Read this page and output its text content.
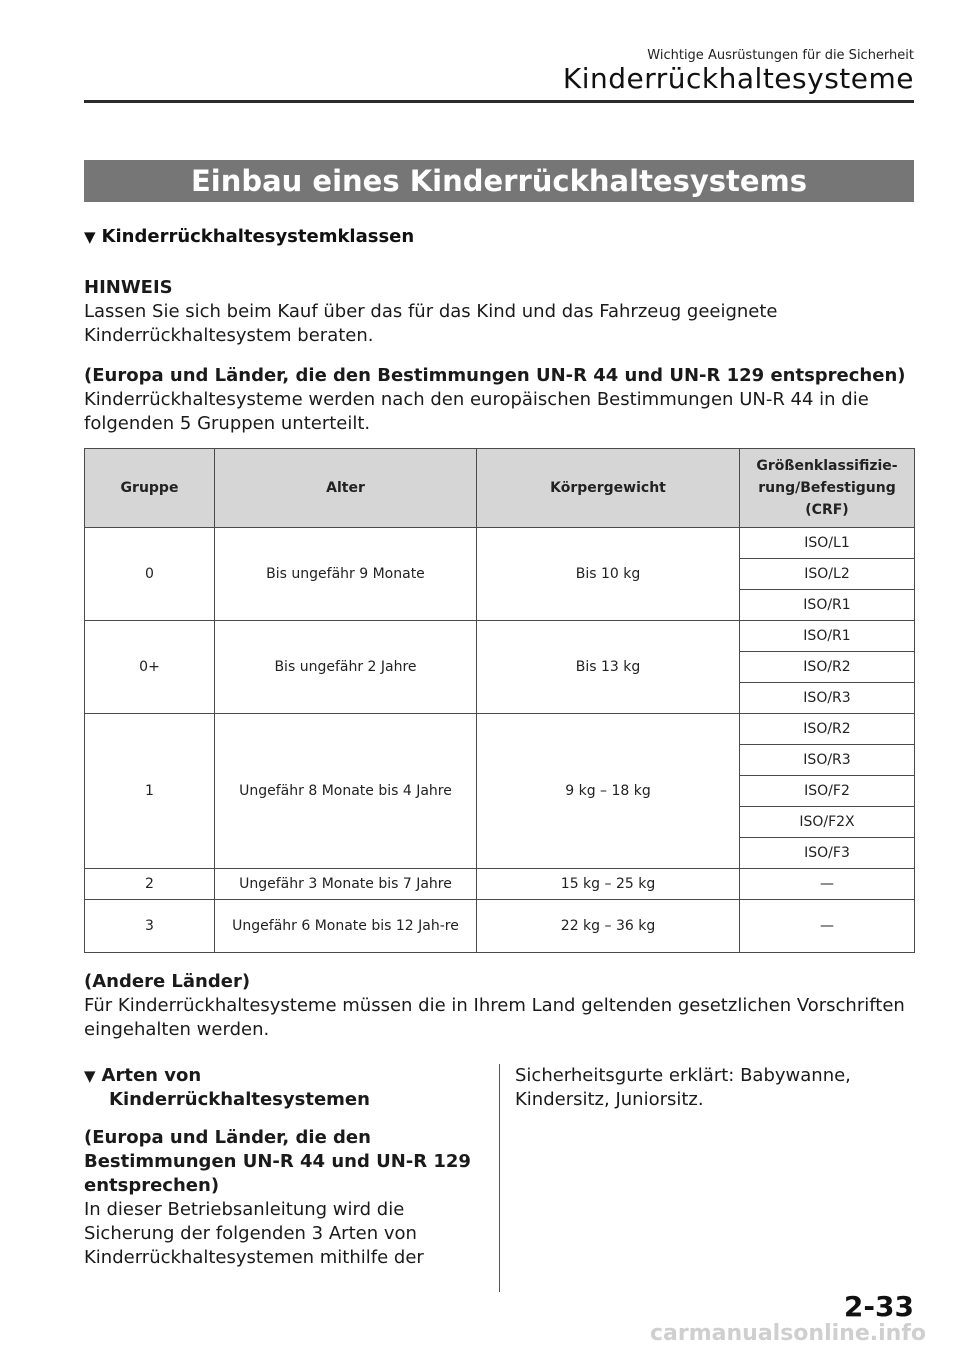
Wichtige Ausrüstungen für die Sicherheit
Kinderrückhaltesysteme
Einbau eines Kinderrückhaltesystems
▼ Kinderrückhaltesystemklassen
HINWEIS
Lassen Sie sich beim Kauf über das für das Kind und das Fahrzeug geeignete Kinderrückhaltesystem beraten.
(Europa und Länder, die den Bestimmungen UN-R 44 und UN-R 129 entsprechen)
Kinderrückhaltesysteme werden nach den europäischen Bestimmungen UN-R 44 in die folgenden 5 Gruppen unterteilt.
Gruppe	Alter	Körpergewicht	Größenklassifizie-rung/Befestigung (CRF)
0	Bis ungefähr 9 Monate	Bis 10 kg	ISO/L1
			ISO/L2
			ISO/R1
0+	Bis ungefähr 2 Jahre	Bis 13 kg	ISO/R1
			ISO/R2
			ISO/R3
1	Ungefähr 8 Monate bis 4 Jahre	9 kg – 18 kg	ISO/R2
			ISO/R3
			ISO/F2
			ISO/F2X
			ISO/F3
2	Ungefähr 3 Monate bis 7 Jahre	15 kg – 25 kg	—
3	Ungefähr 6 Monate bis 12 Jah-re	22 kg – 36 kg	—
(Andere Länder)
Für Kinderrückhaltesysteme müssen die in Ihrem Land geltenden gesetzlichen Vorschriften eingehalten werden.
▼ Arten von
Kinderrückhaltesystemen
(Europa und Länder, die den Bestimmungen UN-R 44 und UN-R 129 entsprechen)
In dieser Betriebsanleitung wird die Sicherung der folgenden 3 Arten von Kinderrückhaltesystemen mithilfe der
Sicherheitsgurte erklärt: Babywanne, Kindersitz, Juniorsitz.
2-33
carmanualsonline.info
